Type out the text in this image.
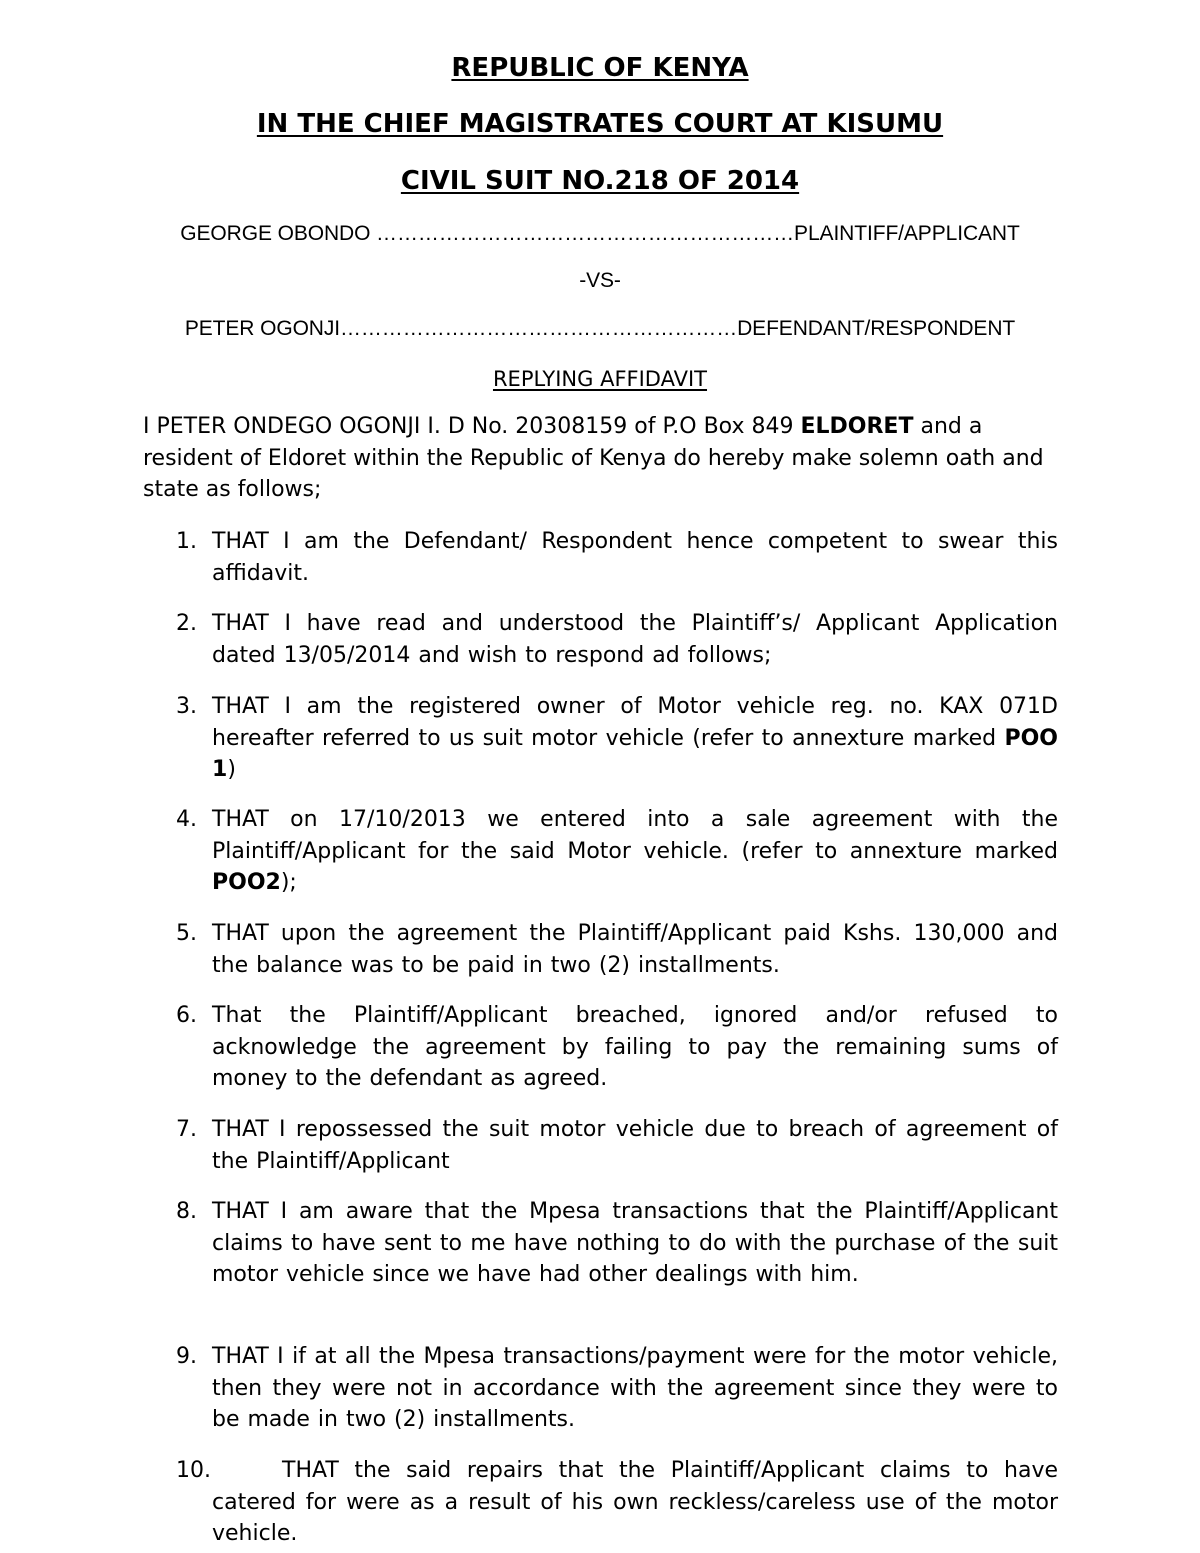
REPUBLIC OF KENYA
IN THE CHIEF MAGISTRATES COURT AT KISUMU
CIVIL SUIT NO.218 OF 2014
GEORGE OBONDO ……………………………………………………PLAINTIFF/APPLICANT
-VS-
PETER OGONJI…………………………………………………DEFENDANT/RESPONDENT
REPLYING AFFIDAVIT

I PETER ONDEGO OGONJI I. D No. 20308159 of P.O Box 849 ELDORET and a resident of Eldoret within the Republic of Kenya do hereby make solemn oath and state as follows;

1. THAT I am the Defendant/ Respondent hence competent to swear this affidavit.
2. THAT I have read and understood the Plaintiff’s/ Applicant Application dated 13/05/2014 and wish to respond ad follows;
3. THAT I am the registered owner of Motor vehicle reg. no. KAX 071D hereafter referred to us suit motor vehicle (refer to annexture marked POO 1)
4. THAT on 17/10/2013 we entered into a sale agreement with the Plaintiff/Applicant for the said Motor vehicle. (refer to annexture marked POO2);
5. THAT upon the agreement the Plaintiff/Applicant paid Kshs. 130,000 and the balance was to be paid in two (2) installments.
6. That the Plaintiff/Applicant breached, ignored and/or refused to acknowledge the agreement by failing to pay the remaining sums of money to the defendant as agreed.
7. THAT I repossessed the suit motor vehicle due to breach of agreement of the Plaintiff/Applicant
8. THAT I am aware that the Mpesa transactions that the Plaintiff/Applicant claims to have sent to me have nothing to do with the purchase of the suit motor vehicle since we have had other dealings with him.
9. THAT I if at all the Mpesa transactions/payment were for the motor vehicle, then they were not in accordance with the agreement since they were to be made in two (2) installments.
10.	THAT the said repairs that the Plaintiff/Applicant claims to have catered for were as a result of his own reckless/careless use of the motor vehicle.
